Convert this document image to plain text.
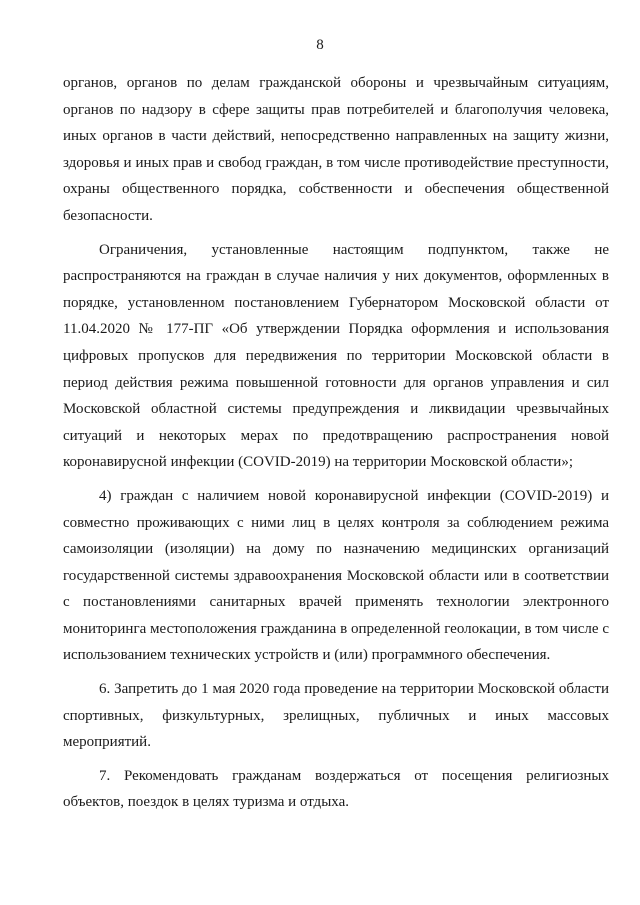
8

органов, органов по делам гражданской обороны и чрезвычайным ситуациям, органов по надзору в сфере защиты прав потребителей и благополучия человека, иных органов в части действий, непосредственно направленных на защиту жизни, здоровья и иных прав и свобод граждан, в том числе противодействие преступности, охраны общественного порядка, собственности и обеспечения общественной безопасности.

Ограничения, установленные настоящим подпунктом, также не распространяются на граждан в случае наличия у них документов, оформленных в порядке, установленном постановлением Губернатором Московской области от 11.04.2020 № 177-ПГ «Об утверждении Порядка оформления и использования цифровых пропусков для передвижения по территории Московской области в период действия режима повышенной готовности для органов управления и сил Московской областной системы предупреждения и ликвидации чрезвычайных ситуаций и некоторых мерах по предотвращению распространения новой коронавирусной инфекции (COVID-2019) на территории Московской области»;

4) граждан с наличием новой коронавирусной инфекции (COVID-2019) и совместно проживающих с ними лиц в целях контроля за соблюдением режима самоизоляции (изоляции) на дому по назначению медицинских организаций государственной системы здравоохранения Московской области или в соответствии с постановлениями санитарных врачей применять технологии электронного мониторинга местоположения гражданина в определенной геолокации, в том числе с использованием технических устройств и (или) программного обеспечения.

6. Запретить до 1 мая 2020 года проведение на территории Московской области спортивных, физкультурных, зрелищных, публичных и иных массовых мероприятий.

7. Рекомендовать гражданам воздержаться от посещения религиозных объектов, поездок в целях туризма и отдыха.
